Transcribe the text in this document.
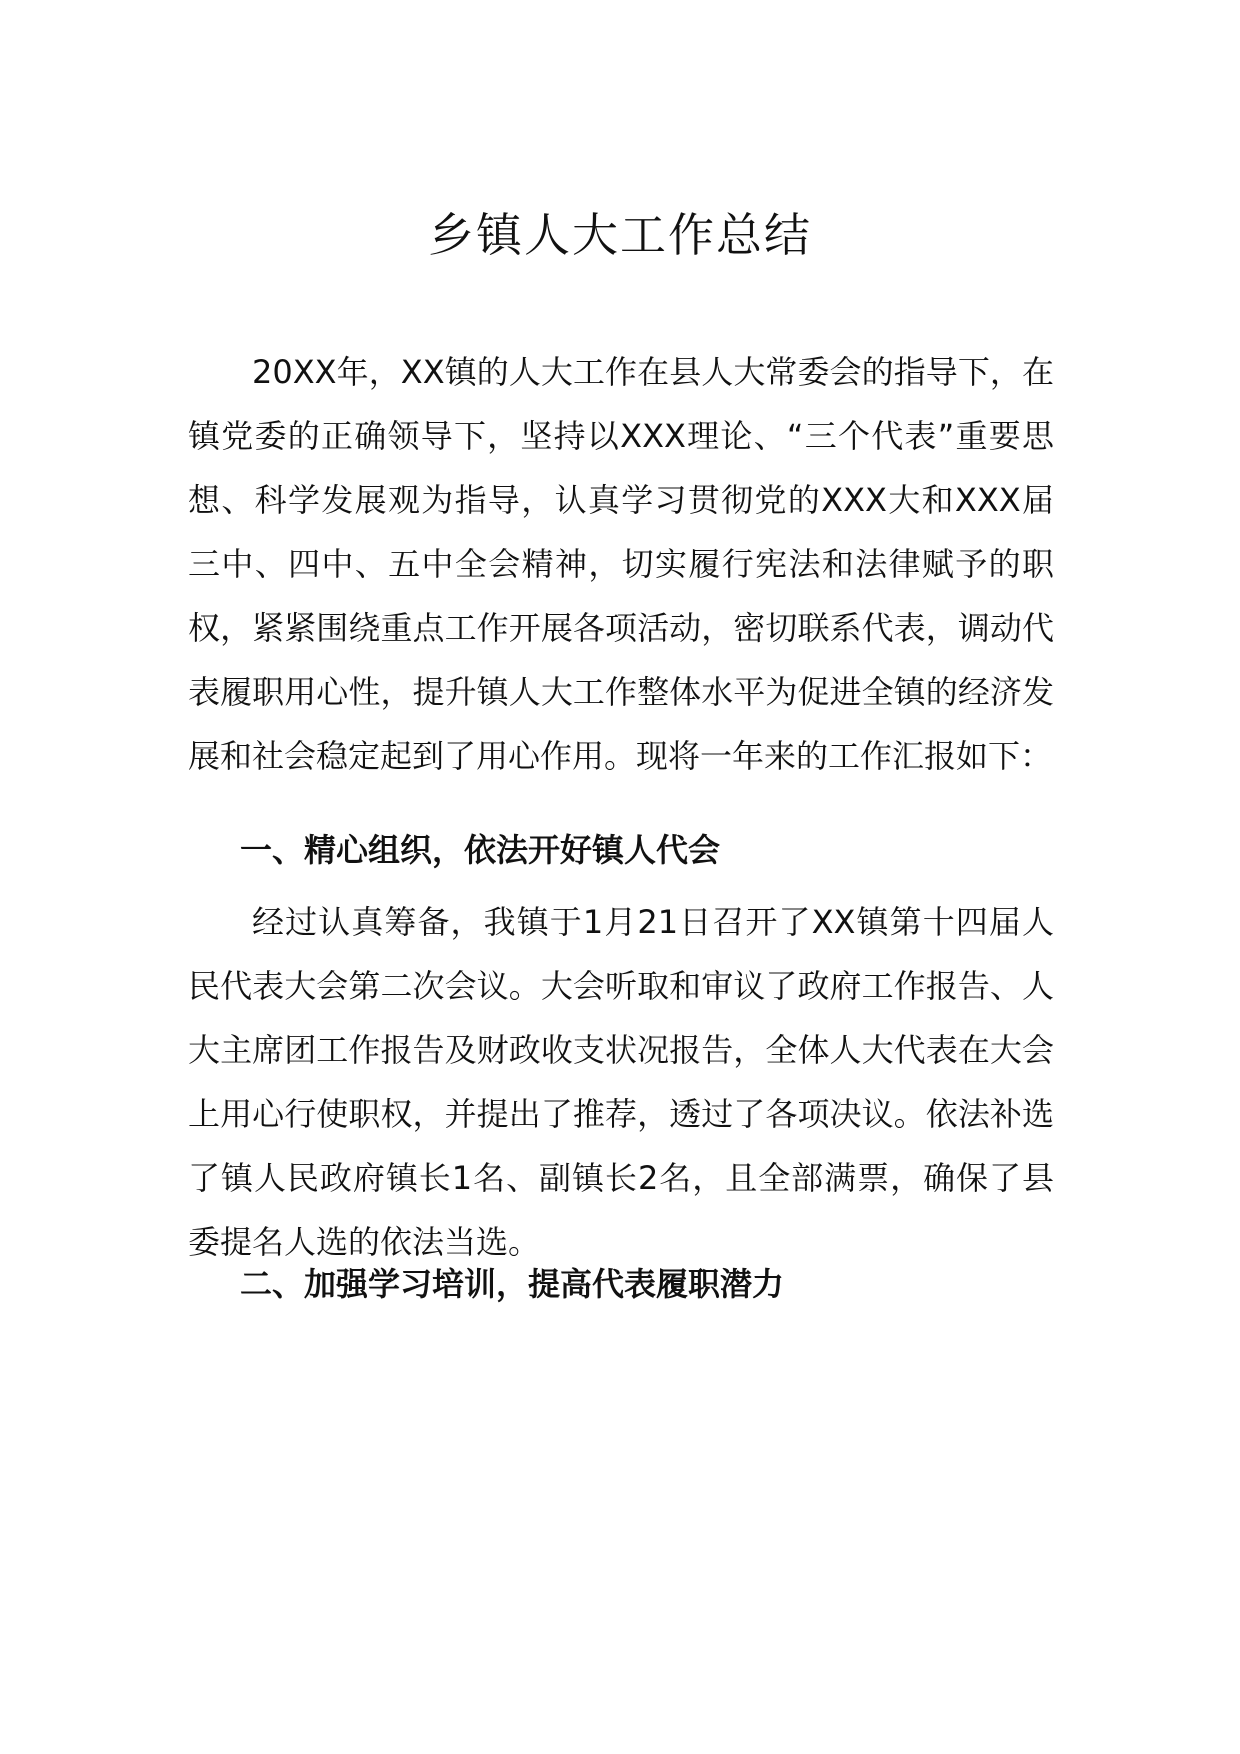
乡镇人大工作总结

20XX年，XX镇的人大工作在县人大常委会的指导下，在镇党委的正确领导下，坚持以XXX理论、“三个代表”重要思想、科学发展观为指导，认真学习贯彻党的XXX大和XXX届三中、四中、五中全会精神，切实履行宪法和法律赋予的职权，紧紧围绕重点工作开展各项活动，密切联系代表，调动代表履职用心性，提升镇人大工作整体水平为促进全镇的经济发展和社会稳定起到了用心作用。现将一年来的工作汇报如下：

一、精心组织，依法开好镇人代会

经过认真筹备，我镇于1月21日召开了XX镇第十四届人民代表大会第二次会议。大会听取和审议了政府工作报告、人大主席团工作报告及财政收支状况报告，全体人大代表在大会上用心行使职权，并提出了推荐，透过了各项决议。依法补选了镇人民政府镇长1名、副镇长2名，且全部满票，确保了县委提名人选的依法当选。

二、加强学习培训，提高代表履职潜力
